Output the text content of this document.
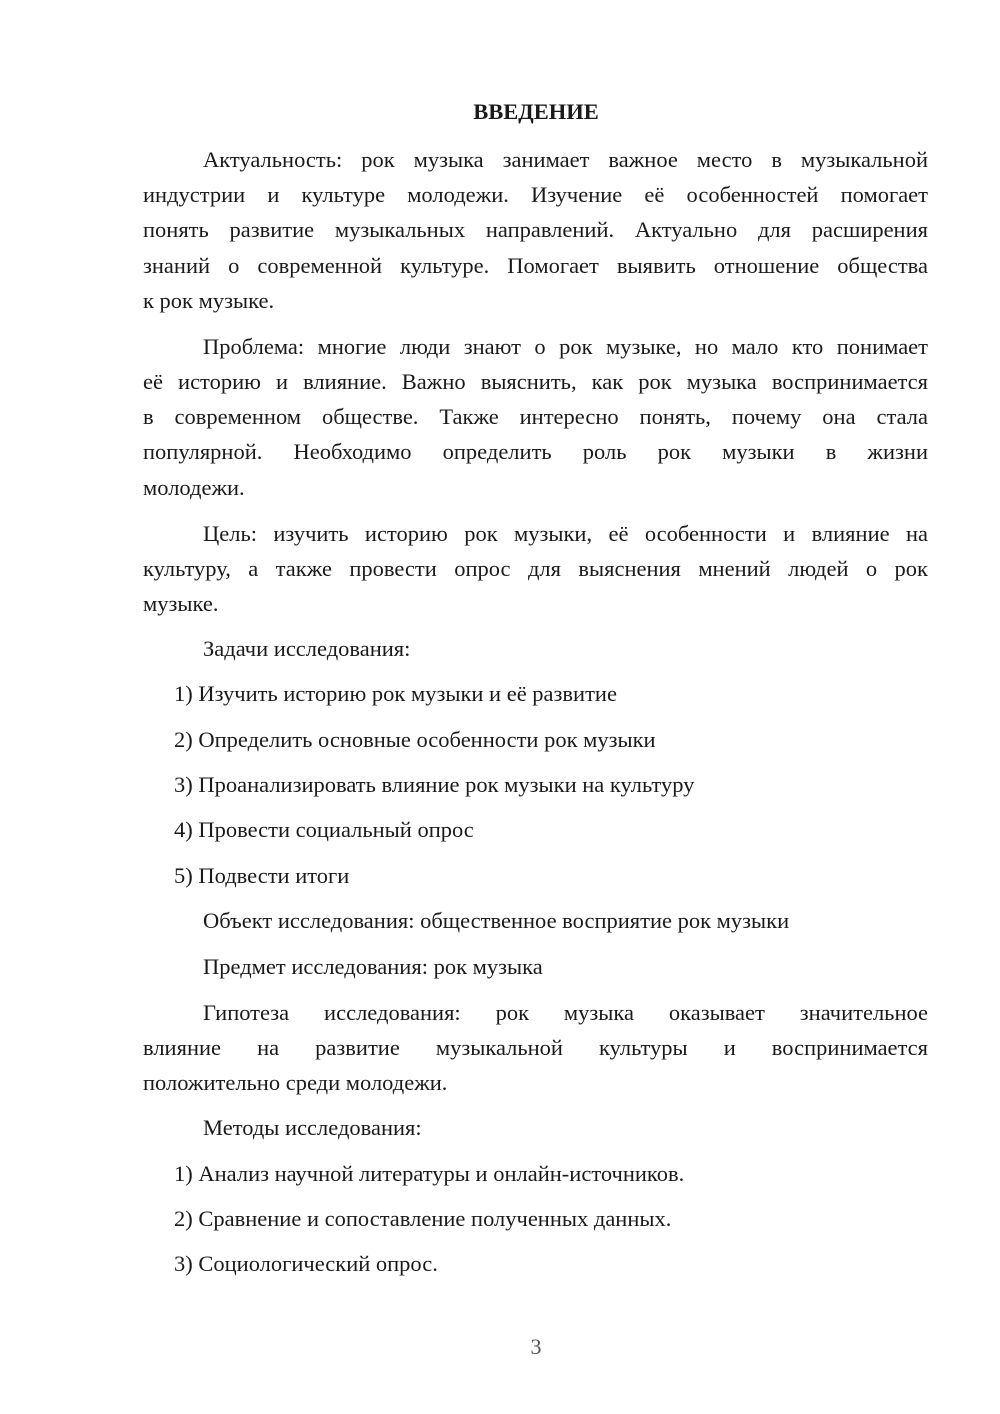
ВВЕДЕНИЕ

Актуальность: рок музыка занимает важное место в музыкальной

индустрии и культуре молодежи. Изучение её особенностей помогает

понять развитие музыкальных направлений. Актуально для расширения

знаний о современной культуре. Помогает выявить отношение общества

к рок музыке.

Проблема: многие люди знают о рок музыке, но мало кто понимает

её историю и влияние. Важно выяснить, как рок музыка воспринимается

в современном обществе. Также интересно понять, почему она стала

популярной. Необходимо определить роль рок музыки в жизни

молодежи.

Цель: изучить историю рок музыки, её особенности и влияние на

культуру, а также провести опрос для выяснения мнений людей о рок

музыке.

Задачи исследования:

1) Изучить историю рок музыки и её развитие

2) Определить основные особенности рок музыки

3) Проанализировать влияние рок музыки на культуру

4) Провести социальный опрос

5) Подвести итоги

Объект исследования: общественное восприятие рок музыки

Предмет исследования: рок музыка

Гипотеза исследования: рок музыка оказывает значительное

влияние на развитие музыкальной культуры и воспринимается

положительно среди молодежи.

Методы исследования:

1) Анализ научной литературы и онлайн-источников.

2) Сравнение и сопоставление полученных данных.

3) Социологический опрос.

3
